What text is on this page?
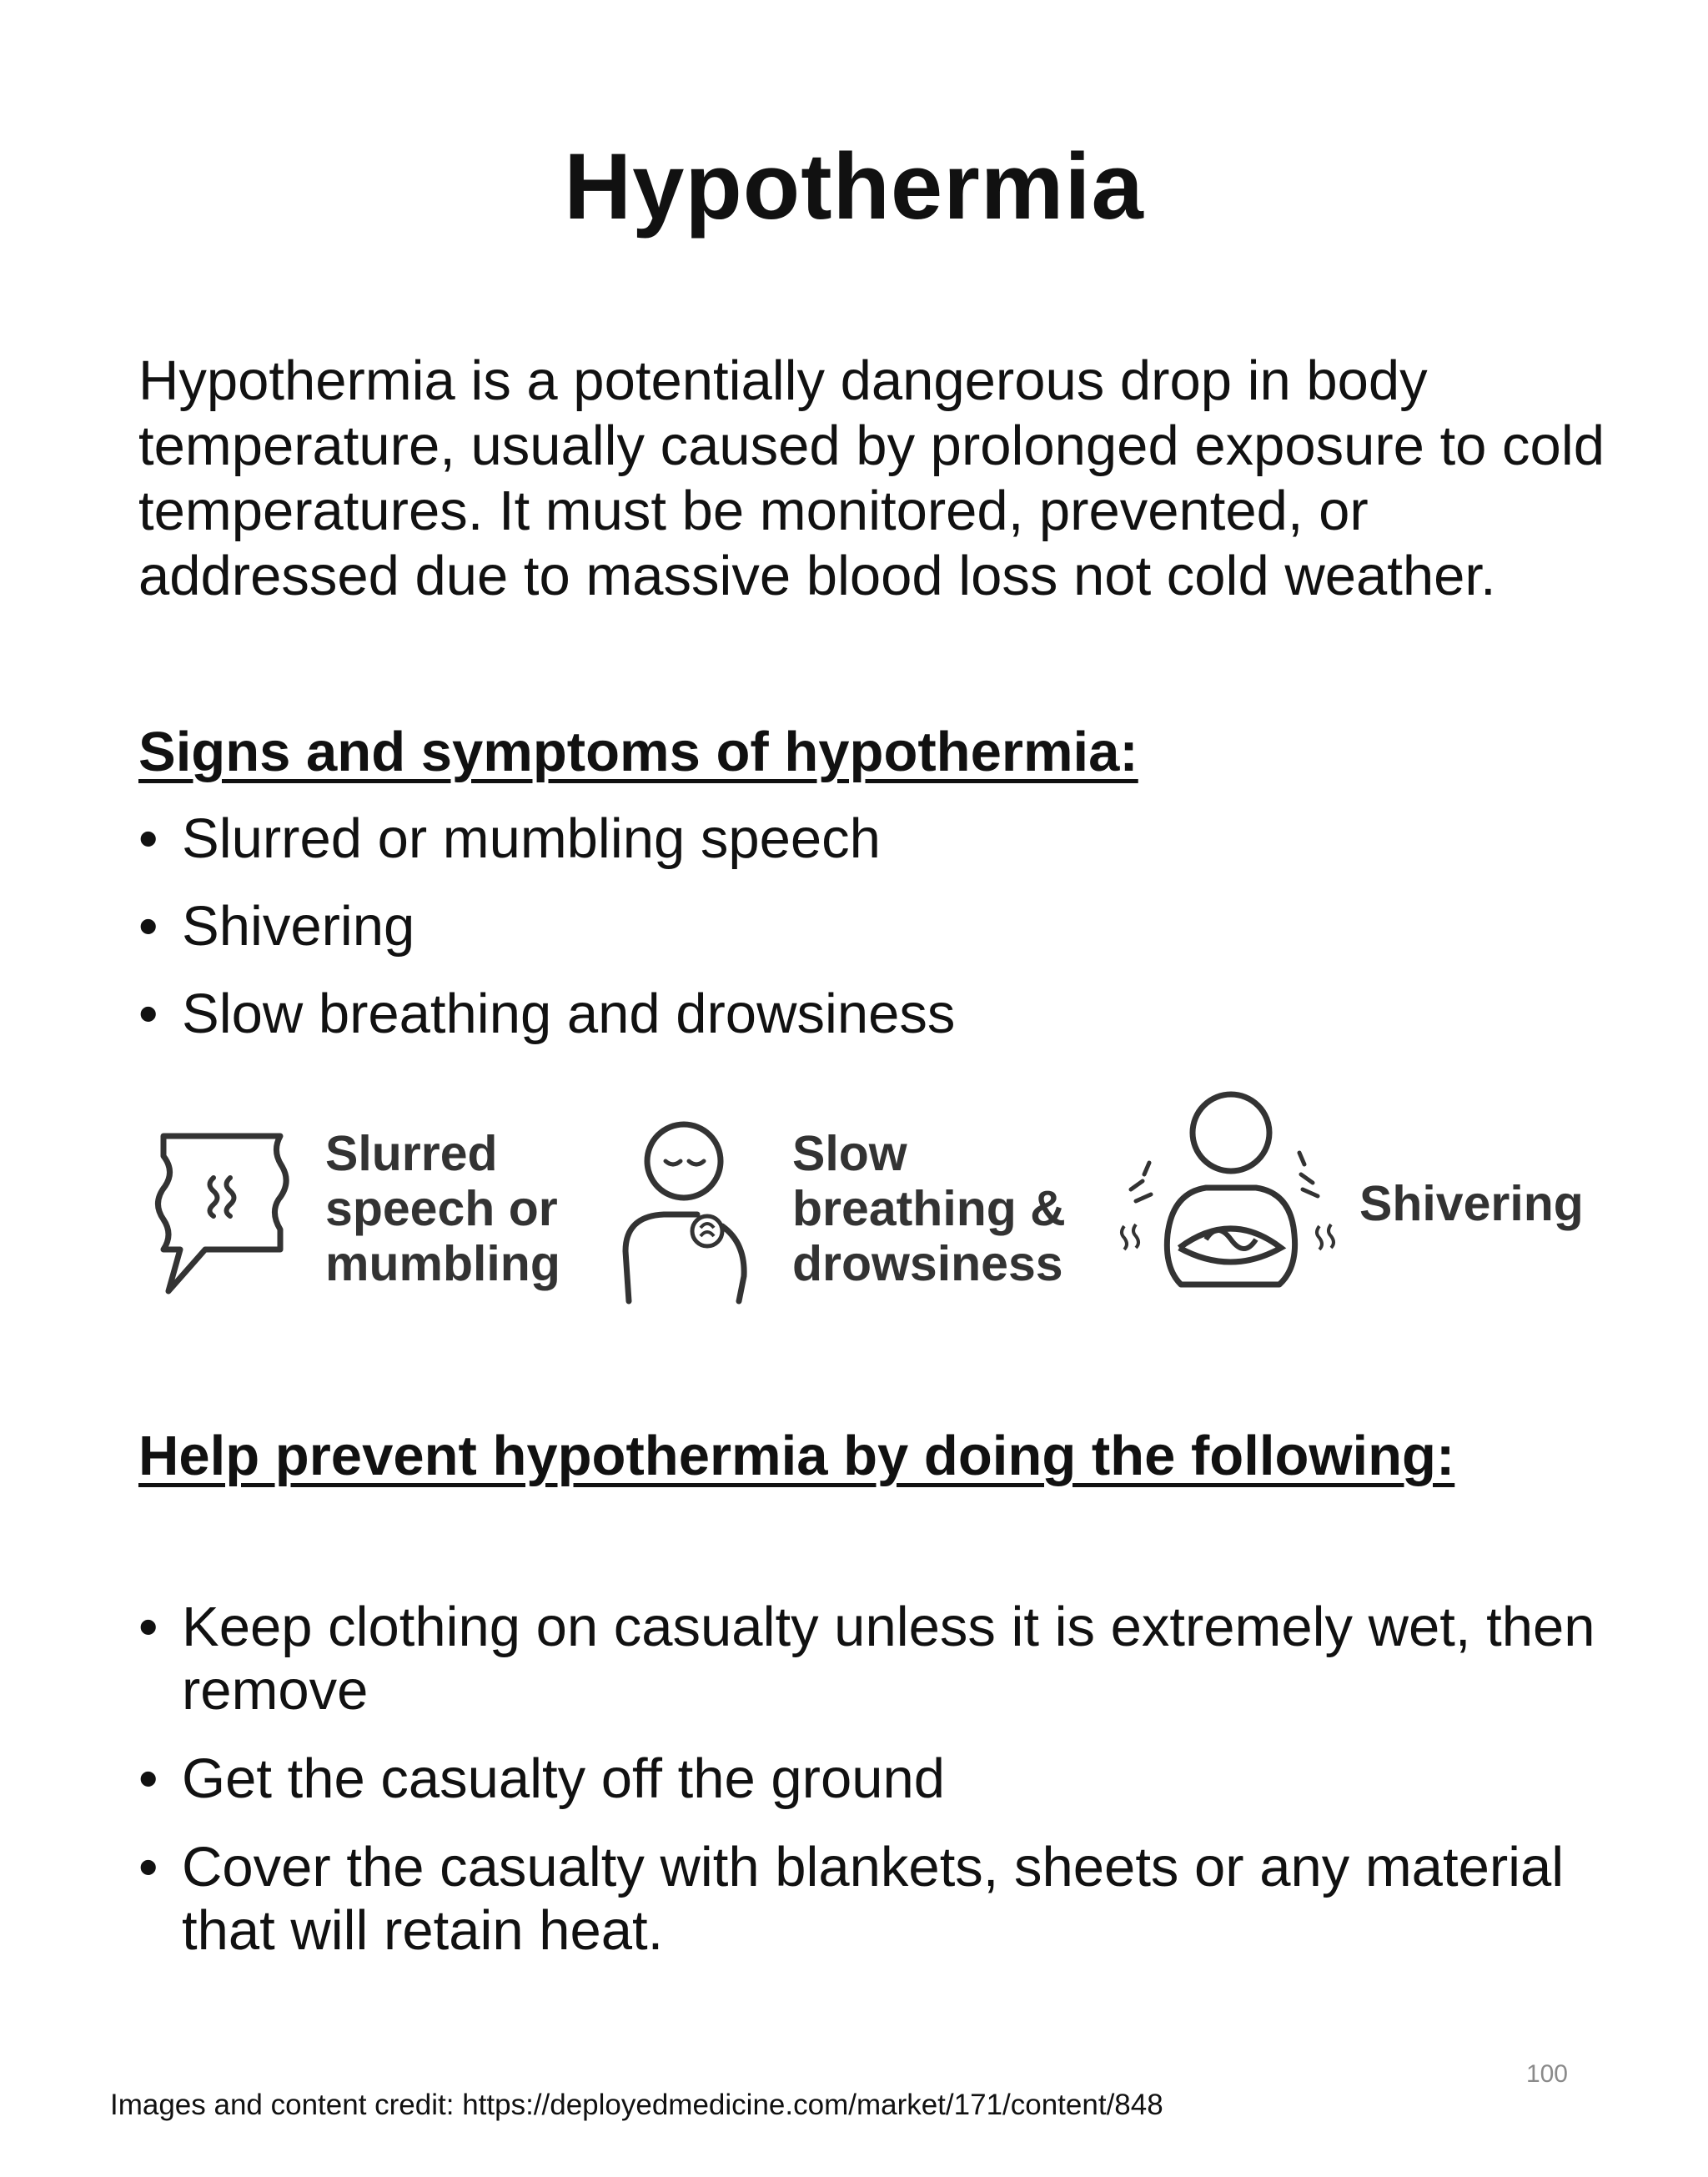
Hypothermia

Hypothermia is a potentially dangerous drop in body temperature, usually caused by prolonged exposure to cold temperatures. It must be monitored, prevented, or addressed due to massive blood loss not cold weather.

Signs and symptoms of hypothermia:
• Slurred or mumbling speech
• Shivering
• Slow breathing and drowsiness
Slurred
speech or
mumbling
Slow
breathing &
drowsiness
Shivering
Help prevent hypothermia by doing the following:
• Keep clothing on casualty unless it is extremely wet, then remove
• Get the casualty off the ground
• Cover the casualty with blankets, sheets or any material that will retain heat.
100
Images and content credit: https://deployedmedicine.com/market/171/content/848
